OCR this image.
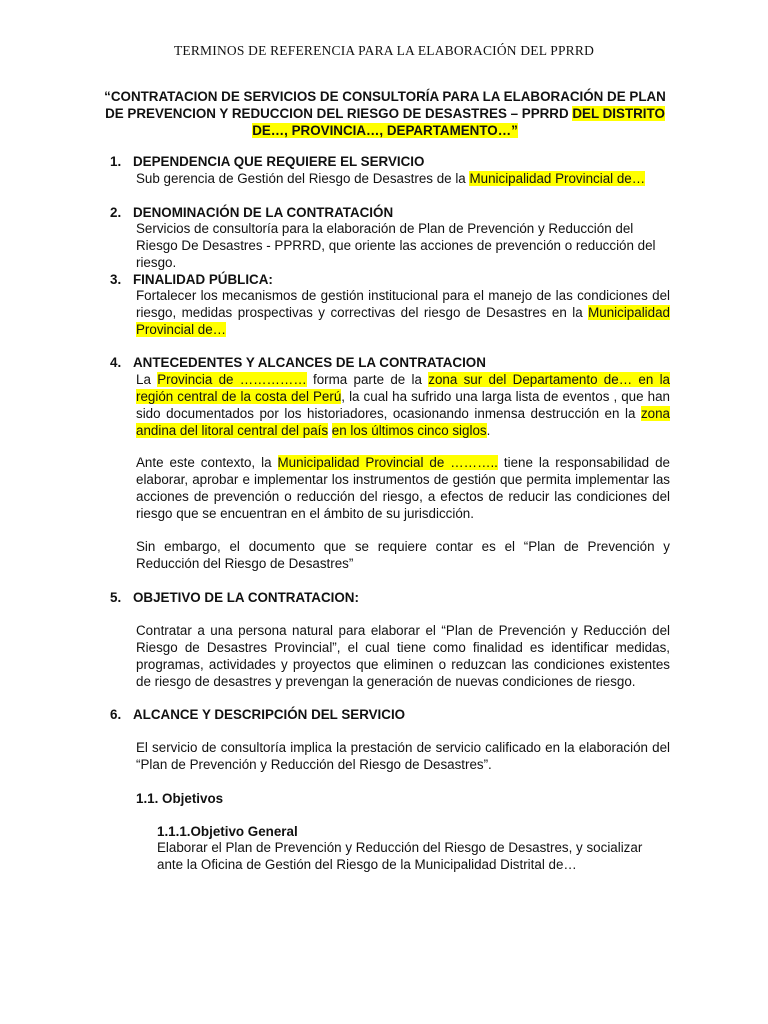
TERMINOS DE REFERENCIA PARA LA ELABORACIÓN DEL PPRRD
“CONTRATACION DE SERVICIOS DE CONSULTORÍA PARA LA ELABORACIÓN DE PLAN DE PREVENCION Y REDUCCION DEL RIESGO DE DESASTRES – PPRRD DEL DISTRITO DE…, PROVINCIA…, DEPARTAMENTO…”
1. DEPENDENCIA QUE REQUIERE EL SERVICIO
Sub gerencia de Gestión del Riesgo de Desastres de la Municipalidad Provincial de…
2. DENOMINACIÓN DE LA CONTRATACIÓN
Servicios de consultoría para la elaboración de Plan de Prevención y Reducción del Riesgo De Desastres - PPRRD, que oriente las acciones de prevención o reducción del riesgo.
3. FINALIDAD PÚBLICA:
Fortalecer los mecanismos de gestión institucional para el manejo de las condiciones del riesgo, medidas prospectivas y correctivas del riesgo de Desastres en la Municipalidad Provincial de…
4. ANTECEDENTES Y ALCANCES DE LA CONTRATACION
La Provincia de …………… forma parte de la zona sur del Departamento de… en la región central de la costa del Perú, la cual ha sufrido una larga lista de eventos , que han sido documentados por los historiadores, ocasionando inmensa destrucción en la zona andina del litoral central del país en los últimos cinco siglos.
Ante este contexto, la Municipalidad Provincial de ……….. tiene la responsabilidad de elaborar, aprobar e implementar los instrumentos de gestión que permita implementar las acciones de prevención o reducción del riesgo, a efectos de reducir las condiciones del riesgo que se encuentran en el ámbito de su jurisdicción.
Sin embargo, el documento que se requiere contar es el “Plan de Prevención y Reducción del Riesgo de Desastres”
5. OBJETIVO DE LA CONTRATACION:
Contratar a una persona natural para elaborar el “Plan de Prevención y Reducción del Riesgo de Desastres Provincial”, el cual tiene como finalidad es identificar medidas, programas, actividades y proyectos que eliminen o reduzcan las condiciones existentes de riesgo de desastres y prevengan la generación de nuevas condiciones de riesgo.
6. ALCANCE Y DESCRIPCIÓN DEL SERVICIO
El servicio de consultoría implica la prestación de servicio calificado en la elaboración del “Plan de Prevención y Reducción del Riesgo de Desastres”.
1.1. Objetivos
1.1.1.Objetivo General
Elaborar el Plan de Prevención y Reducción del Riesgo de Desastres, y socializar ante la Oficina de Gestión del Riesgo de la Municipalidad Distrital de…
